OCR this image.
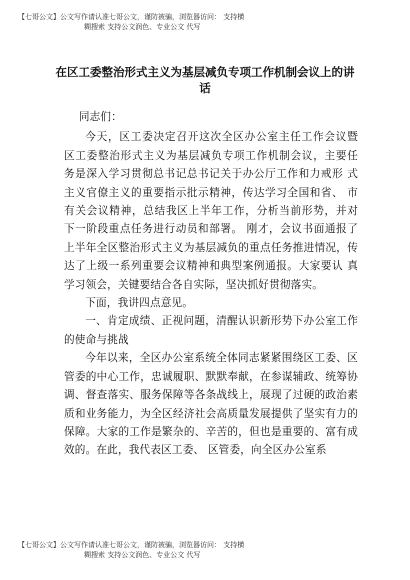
【七哥公文】公文写作请认准七哥公文，谨防被骗，浏览器访问： 支持横
糊搜索 支持公文润色、专业公文 代写
在区工委整治形式主义为基层减负专项工作机制会议上的讲话

同志们：

今天，区工委决定召开这次全区办公室主任工作会议暨 区工委整治形式主义为基层减负专项工作机制会议，主要任 务是深入学习贯彻总书记总书记关于办公厅工作和力戒形 式主义官僚主义的重要指示批示精神，传达学习全国和省、 市有关会议精神，总结我区上半年工作，分析当前形势，并对 下一阶段重点任务进行动员和部署。 刚才，会议书面通报了 上半年全区整治形式主义为基层减负的重点任务推进情况，传达了上级一系列重要会议精神和典型案例通报。大家要认 真学习领会，关键要结合各自实际，坚决抓好贯彻落实。

下面，我讲四点意见。

一、肯定成绩、正视问题，清醒认识新形势下办公室工作的使命与挑战

今年以来，全区办公室系统全体同志紧紧围绕区工委、区管委的中心工作，忠诚履职、默默奉献，在参谋辅政、统筹协调、督查落实、服务保障等各条战线上，展现了过硬的政治素质和业务能力，为全区经济社会高质量发展提供了坚实有力的保障。大家的工作是繁杂的、辛苦的，但也是重要的、富有成效的。在此，我代表区工委、 区管委，向全区办公室系

【七哥公文】公文写作请认准七哥公文，谨防被骗，浏览器访问： 支持横
糊搜索 支持公文润色、专业公文 代写
